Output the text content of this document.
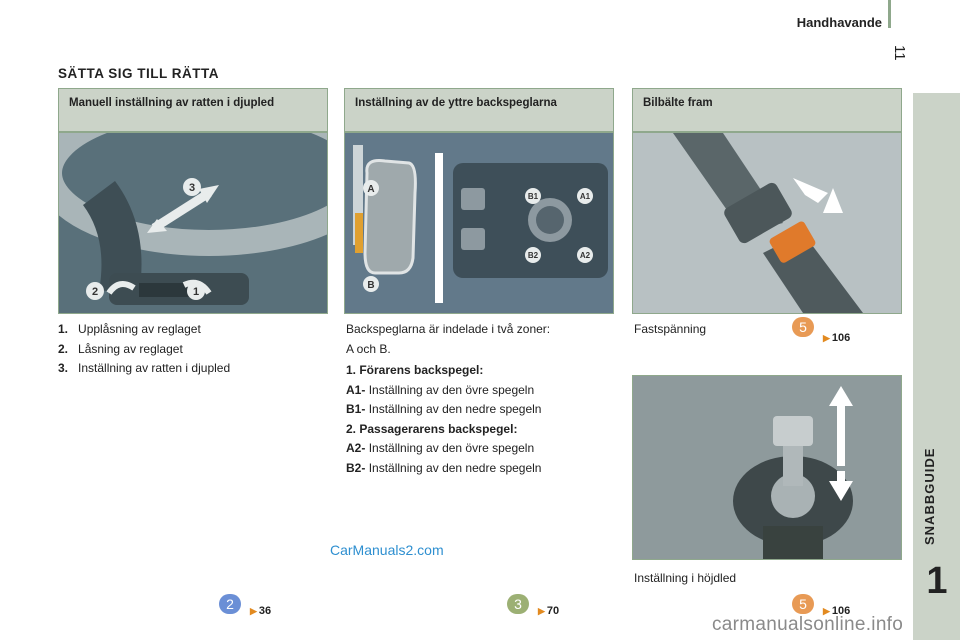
Handhavande
11
SNABBGUIDE
1
SÄTTA SIG TILL RÄTTA
Manuell inställning av ratten i djupled	Inställning av de yttre backspeglarna	Bilbälte fram
2	1
3	A
B
B1	A1
B2	A2
1. Upplåsning av reglaget
2. Låsning av reglaget
3. Inställning av ratten i djupled
Backspeglarna är indelade i två zoner:
A och B.
1. Förarens backspegel:
A1- Inställning av den övre spegeln
B1- Inställning av den nedre spegeln
2. Passagerarens backspegel:
A2- Inställning av den övre spegeln
B2- Inställning av den nedre spegeln
Fastspänning
Inställning i höjdled
5
▶ 106
2	▶ 36	3	▶ 70	5	▶ 106
CarManuals2.com
carmanualsonline.info
